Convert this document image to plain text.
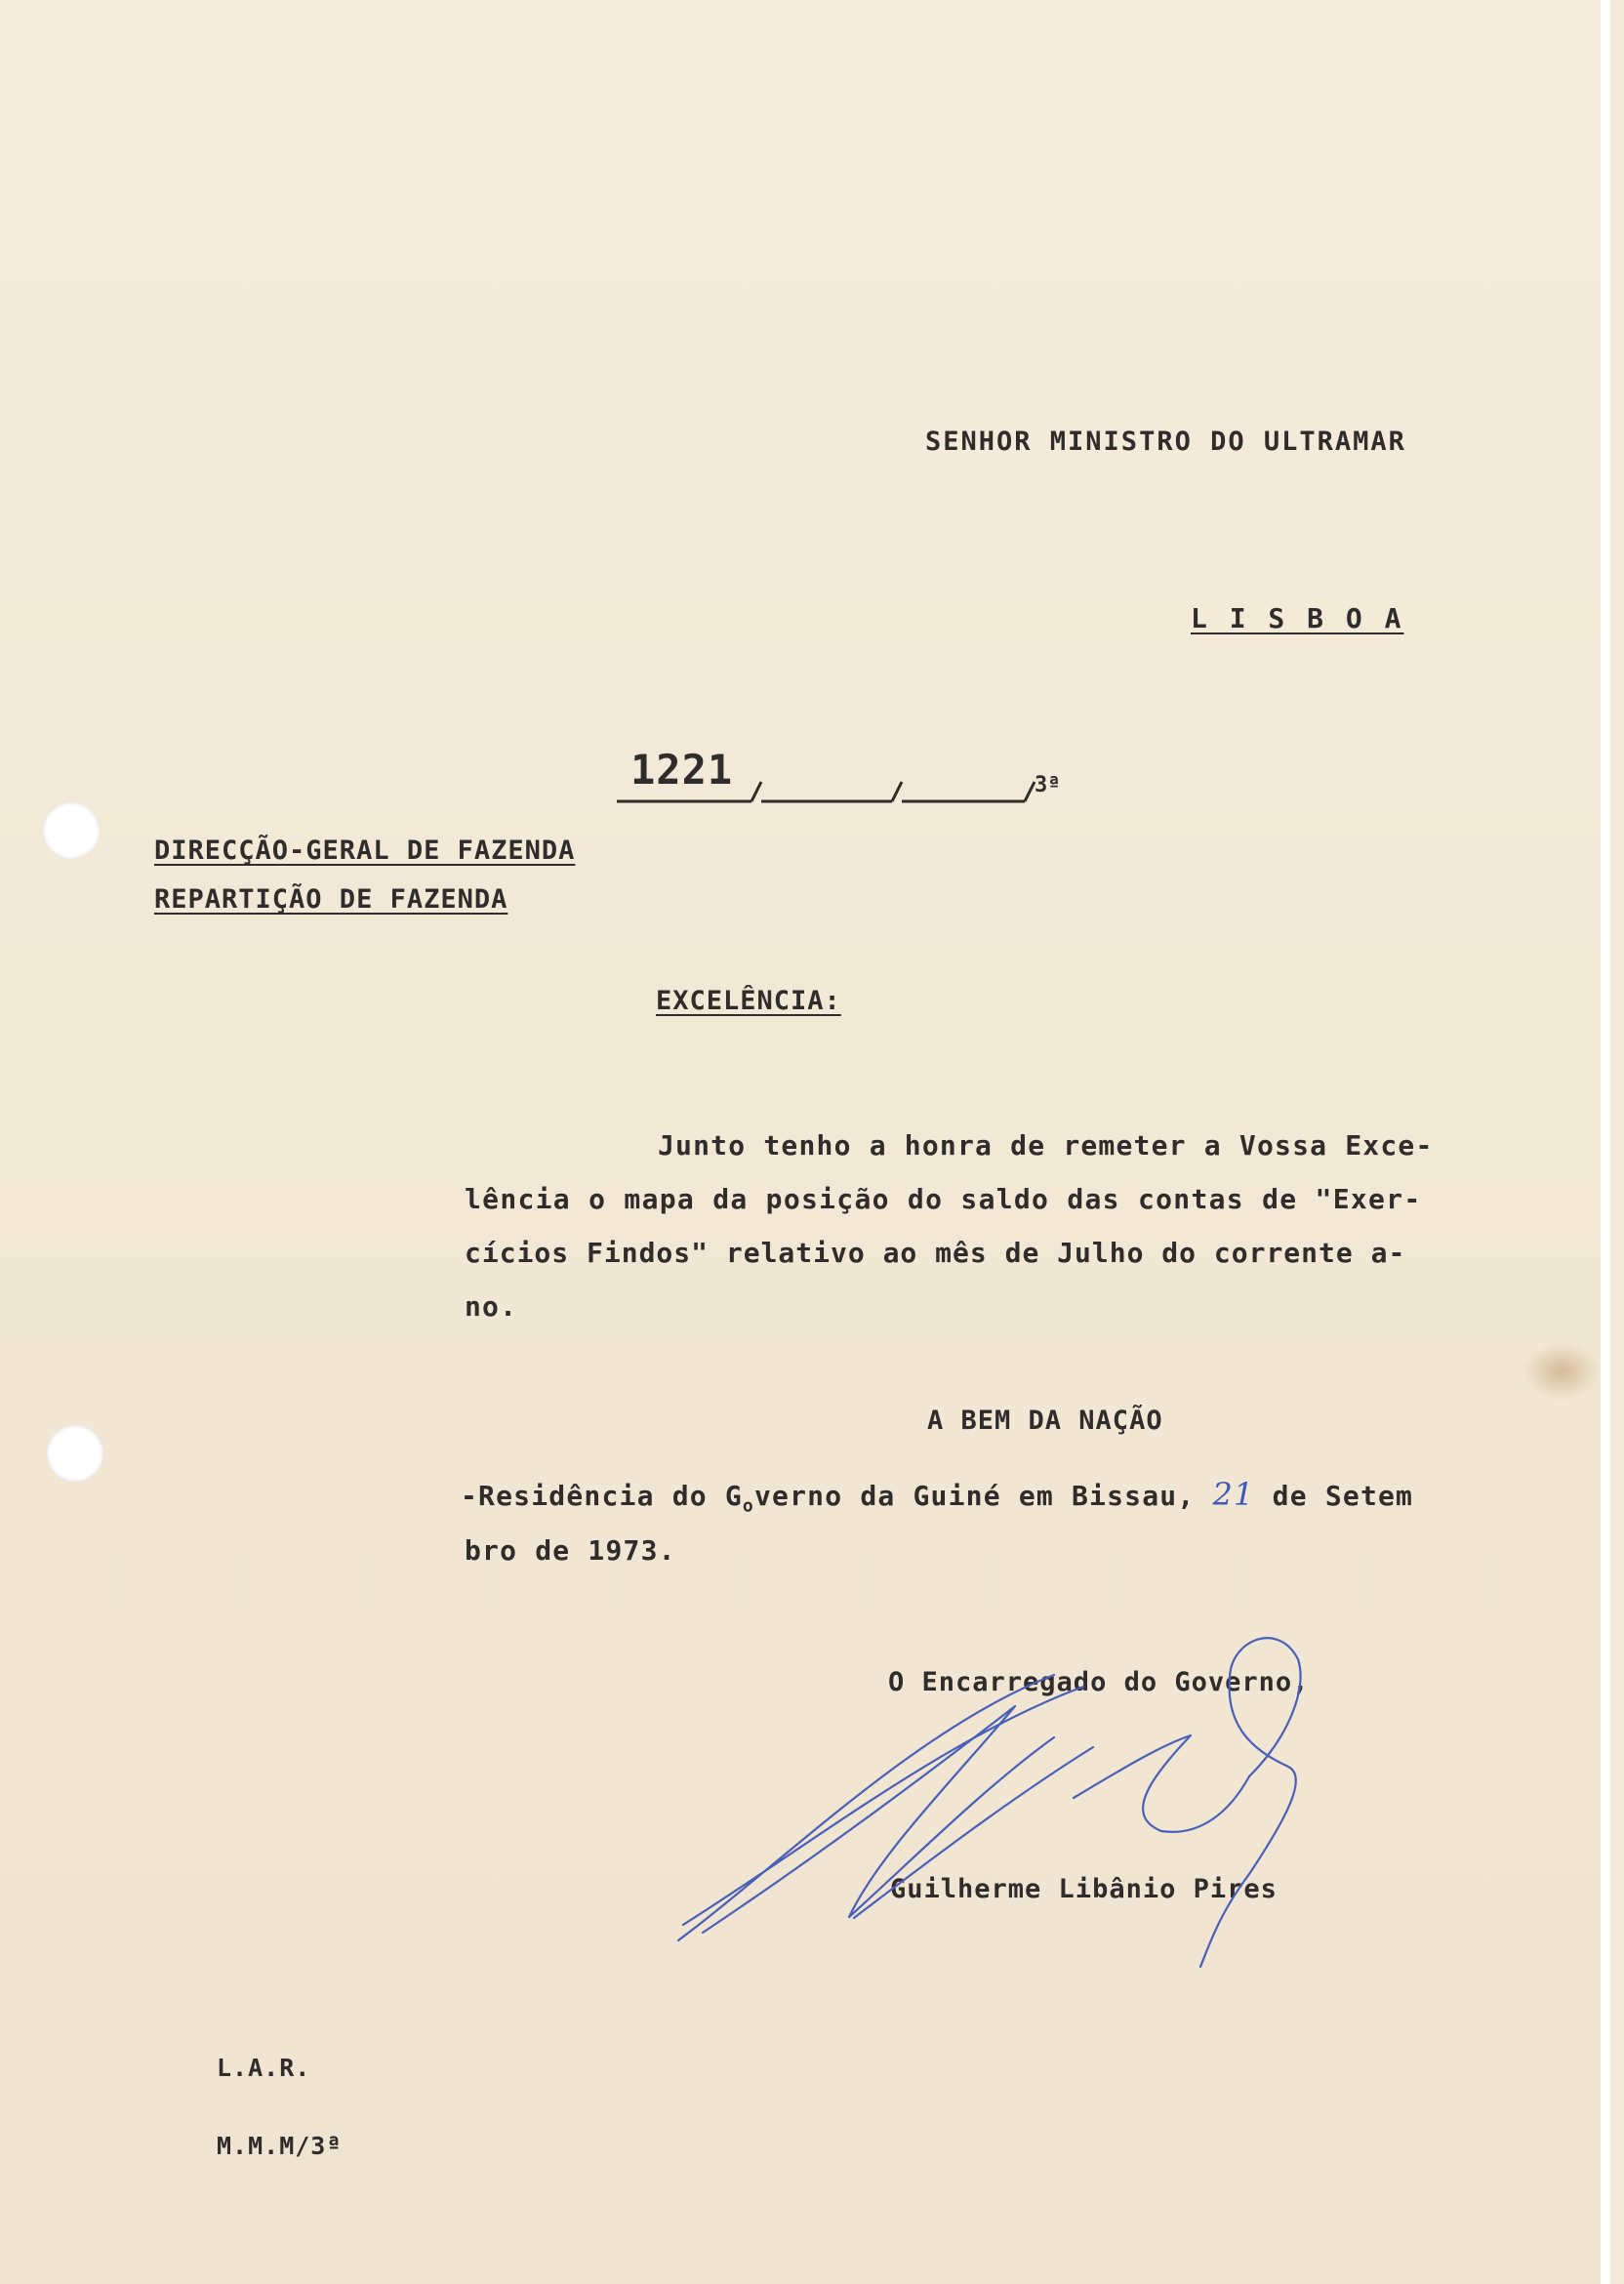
SENHOR MINISTRO DO ULTRAMAR
L I S B O A
1221	3ª
DIRECÇÃO-GERAL DE FAZENDA
REPARTIÇÃO DE FAZENDA
EXCELÊNCIA:
Junto tenho a honra de remeter a Vossa Exce-
lência o mapa da posição do saldo das contas de "Exer-
cícios Findos" relativo ao mês de Julho do corrente a-
no.
A BEM DA NAÇÃO
-Residência do $G_overno$ da Guiné em Bissau, 21 de Setem
bro de 1973.
O Encarregado do Governo,
Guilherme Libânio Pires
L.A.R.
M.M.M/3ª
